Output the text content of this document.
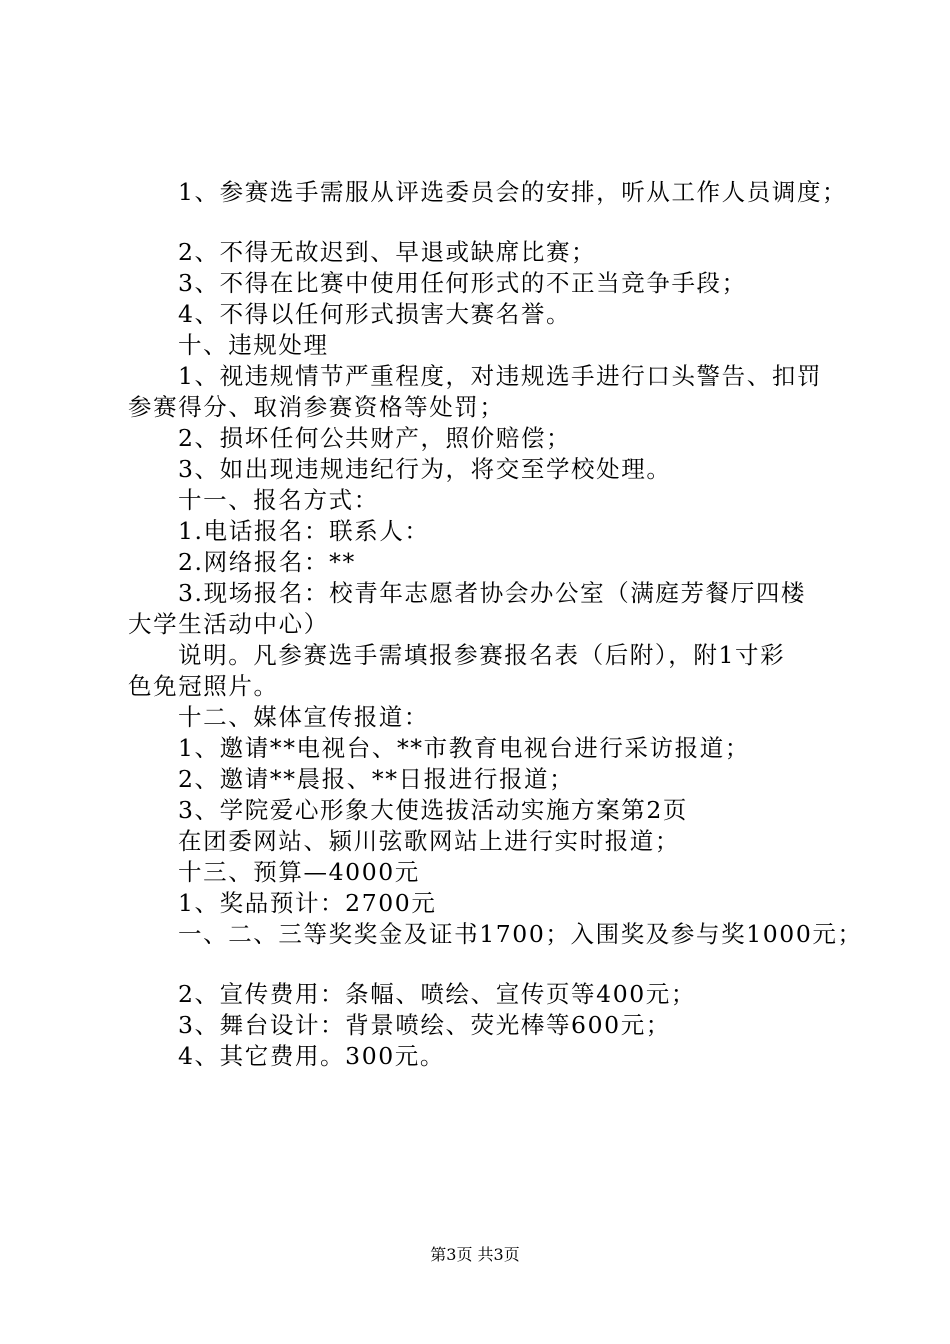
1、参赛选手需服从评选委员会的安排，听从工作人员调度；
2、不得无故迟到、早退或缺席比赛；
3、不得在比赛中使用任何形式的不正当竞争手段；
4、不得以任何形式损害大赛名誉。
十、违规处理
1、视违规情节严重程度，对违规选手进行口头警告、扣罚
参赛得分、取消参赛资格等处罚；
2、损坏任何公共财产，照价赔偿；
3、如出现违规违纪行为，将交至学校处理。
十一、报名方式：
1.电话报名：联系人：
2.网络报名：**
3.现场报名：校青年志愿者协会办公室（满庭芳餐厅四楼
大学生活动中心）
说明。凡参赛选手需填报参赛报名表（后附），附1寸彩
色免冠照片。
十二、媒体宣传报道：
1、邀请**电视台、**市教育电视台进行采访报道；
2、邀请**晨报、**日报进行报道；
3、学院爱心形象大使选拔活动实施方案第2页
在团委网站、颍川弦歌网站上进行实时报道；
十三、预算—4000元
1、奖品预计：2700元
一、二、三等奖奖金及证书1700；入围奖及参与奖1000元；
2、宣传费用：条幅、喷绘、宣传页等400元；
3、舞台设计：背景喷绘、荧光棒等600元；
4、其它费用。300元。
第3页 共3页
